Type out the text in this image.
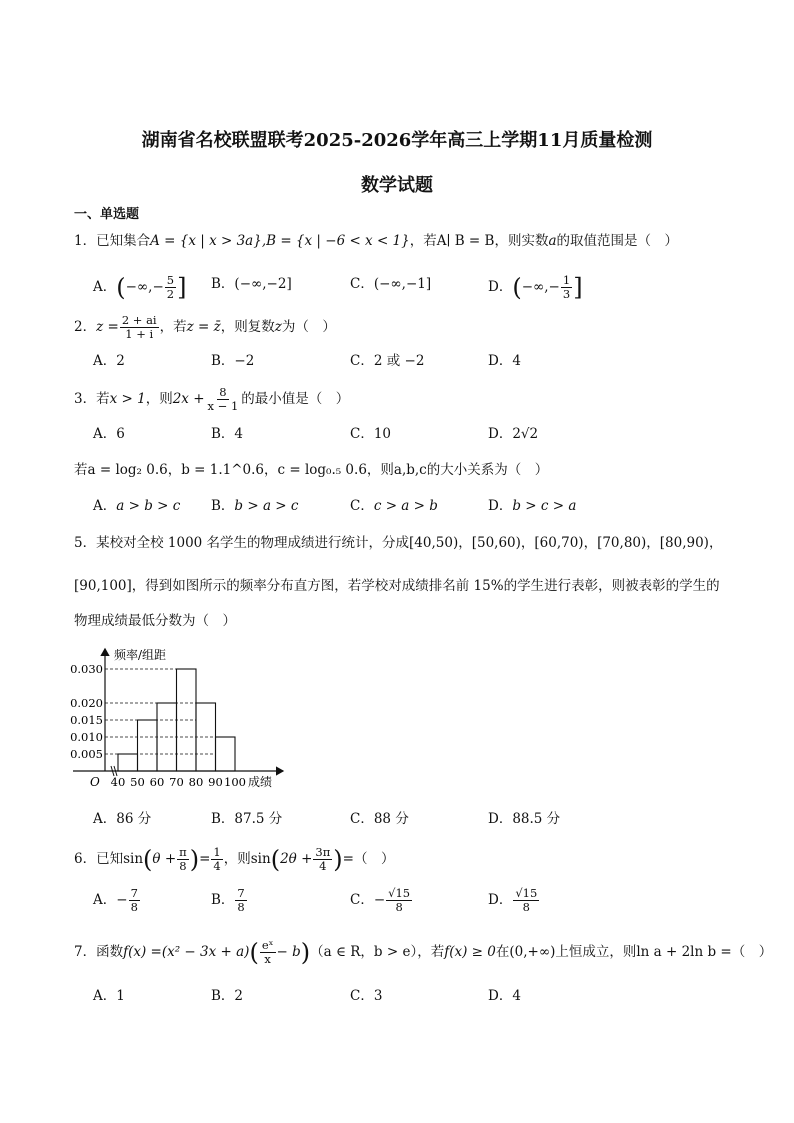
湖南省名校联盟联考2025-2026学年高三上学期11月质量检测
数学试题
一、单选题
1．已知集合A = {x | x > 3a},B = {x | −6 < x < 1}，若A∣ B = B，则实数a的取值范围是（　）
A．(−∞,− $\frac{5}{2}$ ] B．(−∞,−2]	C．(−∞,−1]	D．(−∞,− $\frac{1}{3}$ ]
2．$z = \frac{2 + ai}{1 + i}$ ，若z = z̄，则复数z为（　）
A．2	B．−2	C．2 或 −2	D．4
3．若x > 1，则$2x + \frac{8}{x - 1}$ 的最小值是（　）
A．6	B．4	C．10	D．2√2
若a = log₂ 0.6，b = 1.1^0.6，c = log₀.₅ 0.6，则a,b,c的大小关系为（　）
A．a > b > c B．b > a > c	C．c > a > b	D．b > c > a
5．某校对全校 1000 名学生的物理成绩进行统计，分成[40,50)，[50,60)，[60,70)，[70,80)，[80,90)，
[90,100]，得到如图所示的频率分布直方图，若学校对成绩排名前 15%的学生进行表彰，则被表彰的学生的
物理成绩最低分数为（　）
0.005
0.010
0.015
0.020
0.030
40 50 60 70 80 90 100
频率/组距
成绩
O
A．86 分	B．87.5 分	C．88 分	D．88.5 分
6．已知$\sin(\theta + \frac{\pi}{8}$ )= $\frac{1}{4}$ ，则$\sin(2\theta + \frac{3\pi}{4}$ )=（　）
A．− $\frac{7}{8}$	B． $\frac{7}{8}$	C．− $\frac{√15}{8}$	D． $\frac{√15}{8}$
7．函数$f(x) =(x^2 - 3x + a)( \frac{\text{eˣ}}{x} - b)(a$ ∈ R，b > e），若f(x) ≥ 0在(0,+∞)上恒成立，则ln a + 2ln b =（　）
A．1	B．2	C．3	D．4
